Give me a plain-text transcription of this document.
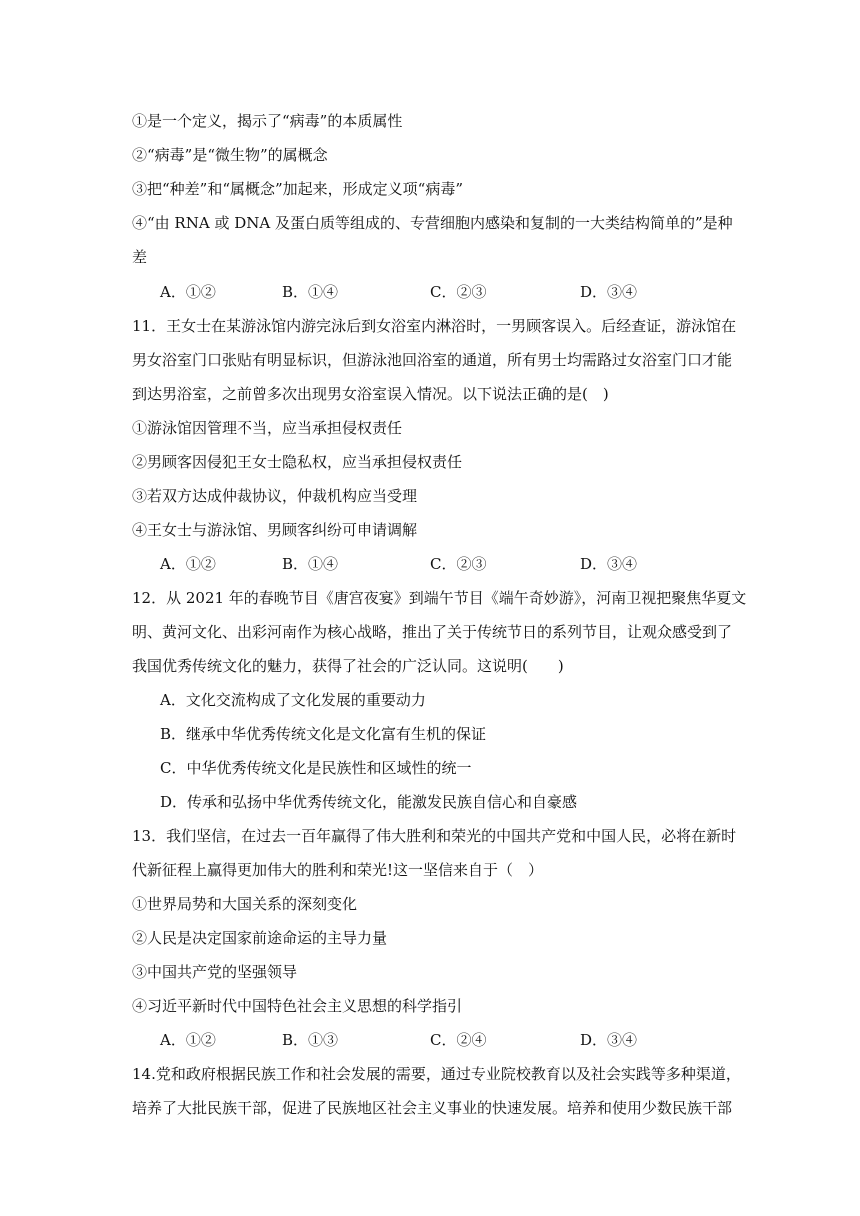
①是一个定义，揭示了“病毒”的本质属性
②“病毒”是“微生物”的属概念
③把“种差”和“属概念”加起来，形成定义项“病毒”
④“由 RNA 或 DNA 及蛋白质等组成的、专营细胞内感染和复制的一大类结构简单的”是种
差
A．①②	B．①④	C．②③	D．③④
11．王女士在某游泳馆内游完泳后到女浴室内淋浴时，一男顾客误入。后经查证，游泳馆在
男女浴室门口张贴有明显标识，但游泳池回浴室的通道，所有男士均需路过女浴室门口才能
到达男浴室，之前曾多次出现男女浴室误入情况。以下说法正确的是(　)
①游泳馆因管理不当，应当承担侵权责任
②男顾客因侵犯王女士隐私权，应当承担侵权责任
③若双方达成仲裁协议，仲裁机构应当受理
④王女士与游泳馆、男顾客纠纷可申请调解
A．①②	B．①④	C．②③	D．③④
12．从 2021 年的春晚节目《唐宫夜宴》到端午节目《端午奇妙游》，河南卫视把聚焦华夏文
明、黄河文化、出彩河南作为核心战略，推出了关于传统节日的系列节目，让观众感受到了
我国优秀传统文化的魅力，获得了社会的广泛认同。这说明(　　)
A．文化交流构成了文化发展的重要动力
B．继承中华优秀传统文化是文化富有生机的保证
C．中华优秀传统文化是民族性和区域性的统一
D．传承和弘扬中华优秀传统文化，能激发民族自信心和自豪感
13．我们坚信，在过去一百年赢得了伟大胜利和荣光的中国共产党和中国人民，必将在新时
代新征程上赢得更加伟大的胜利和荣光!这一坚信来自于（　）
①世界局势和大国关系的深刻变化
②人民是决定国家前途命运的主导力量
③中国共产党的坚强领导
④习近平新时代中国特色社会主义思想的科学指引
A．①②	B．①③	C．②④	D．③④
14.党和政府根据民族工作和社会发展的需要，通过专业院校教育以及社会实践等多种渠道，
培养了大批民族干部，促进了民族地区社会主义事业的快速发展。培养和使用少数民族干部
